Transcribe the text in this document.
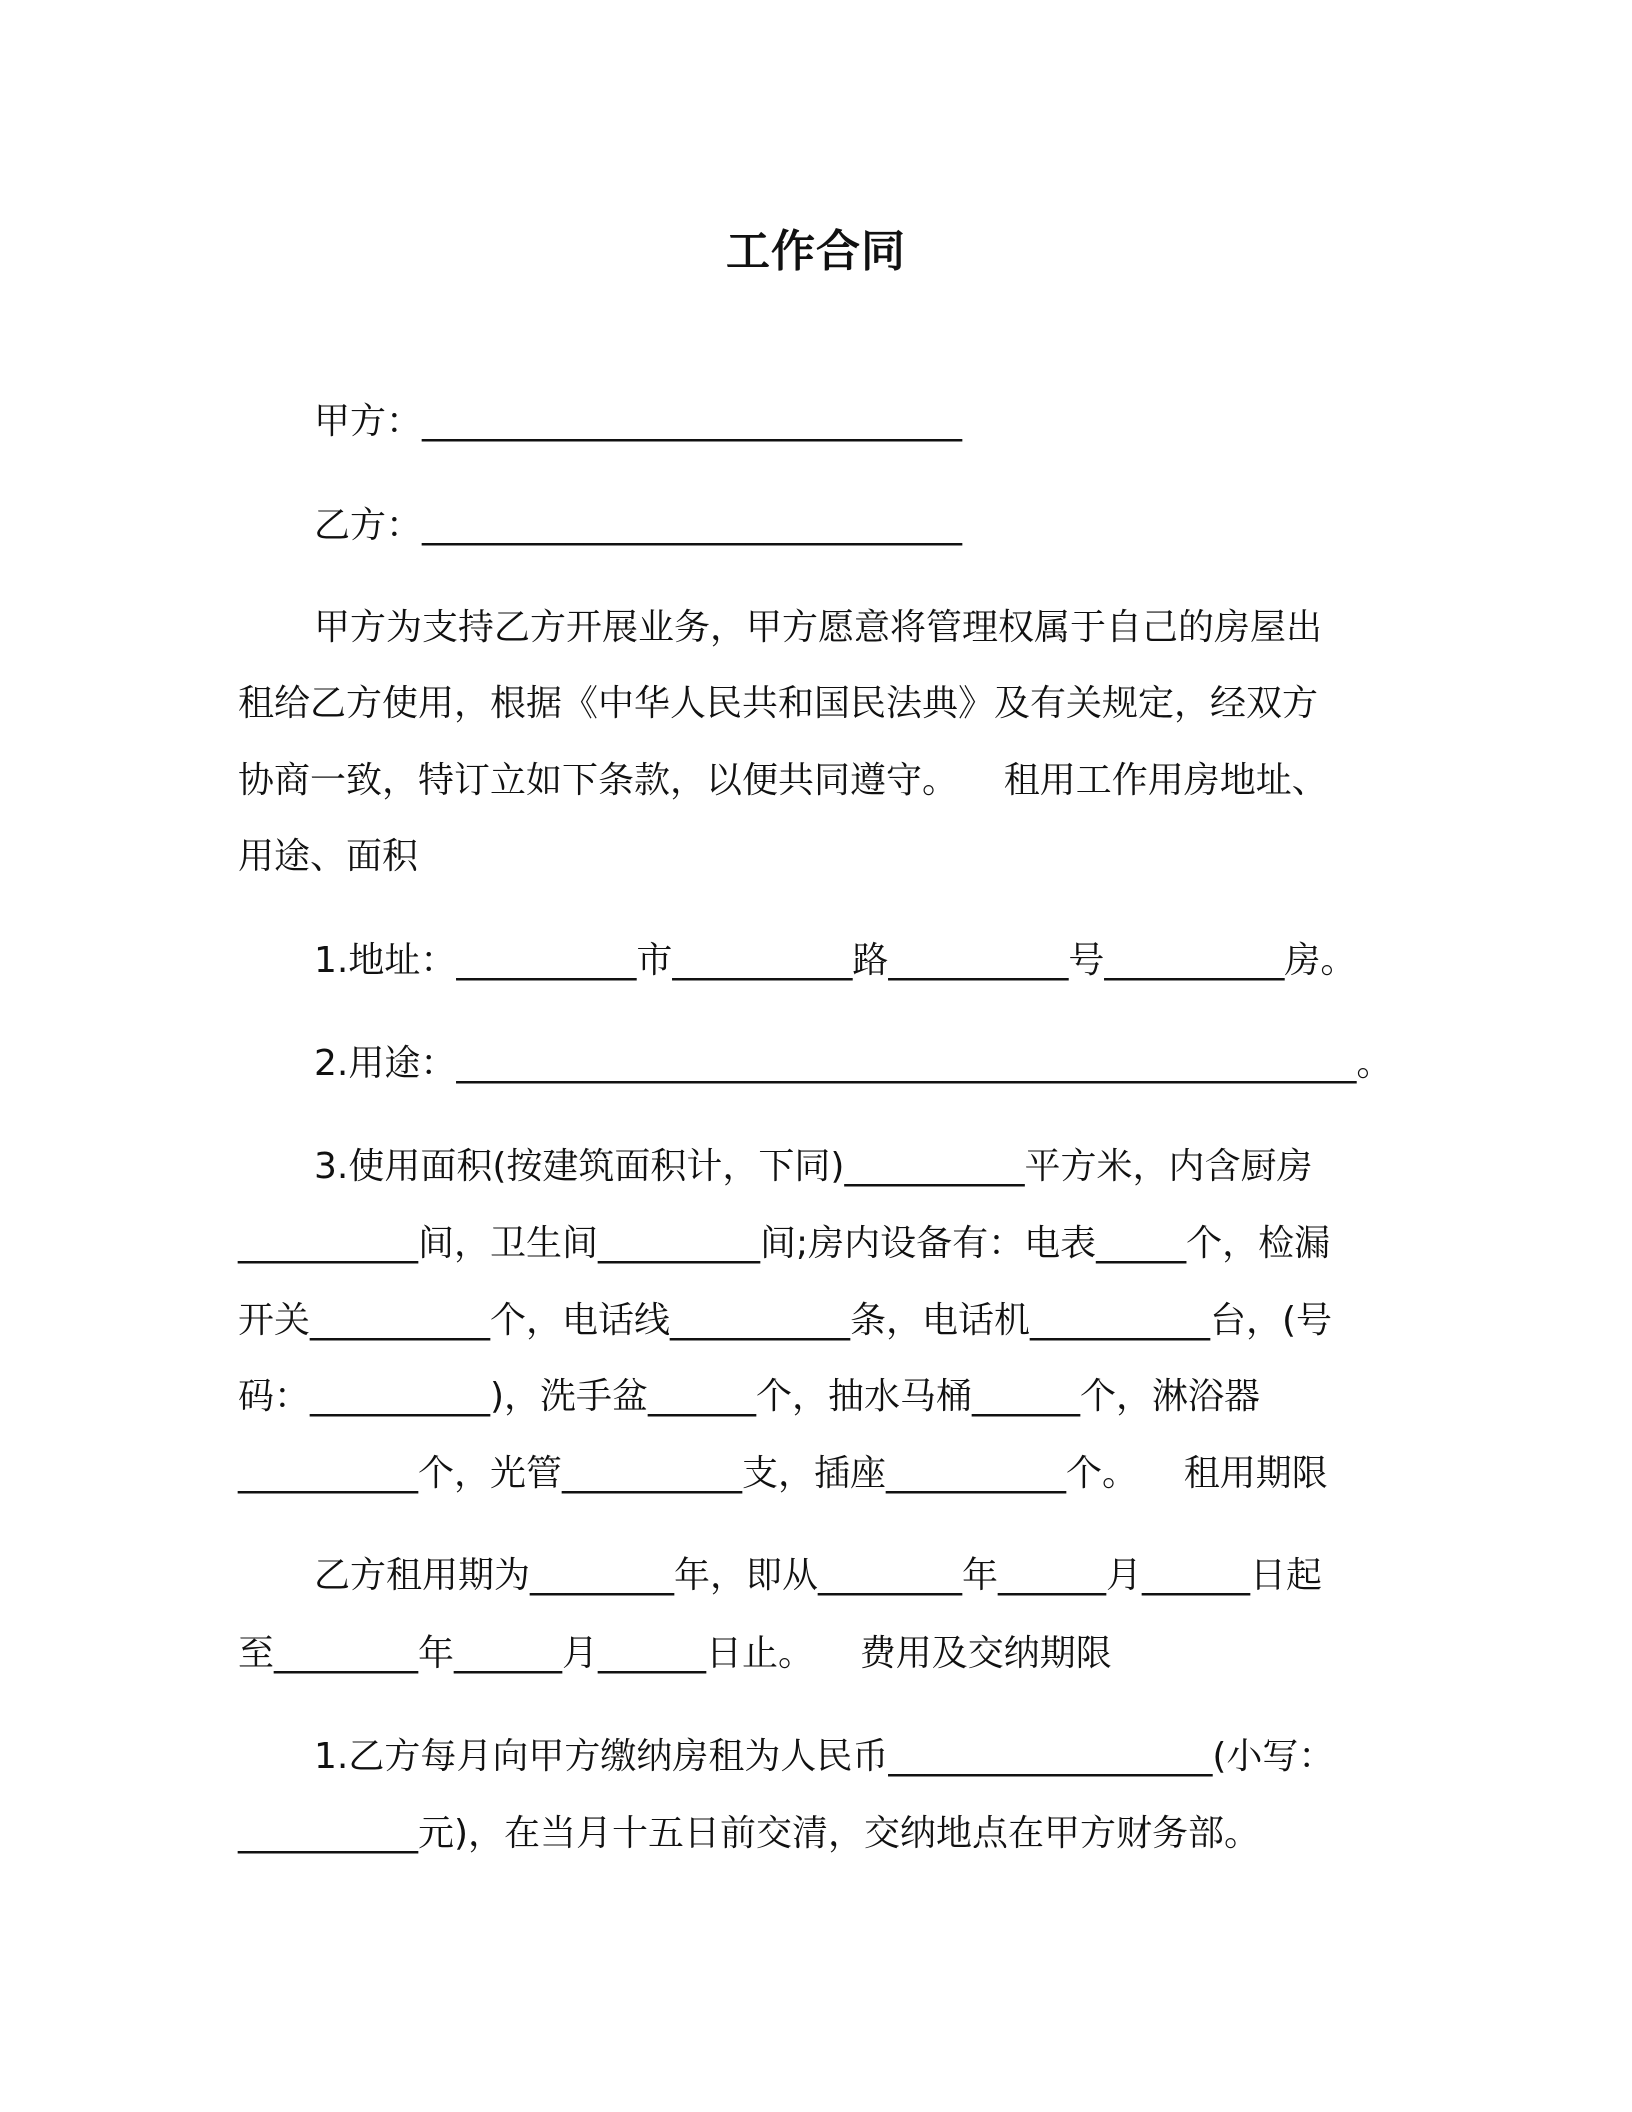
工作合同
甲方：______________________________
乙方：______________________________
甲方为支持乙方开展业务，甲方愿意将管理权属于自己的房屋出
租给乙方使用，根据《中华人民共和国民法典》及有关规定，经双方
协商一致，特订立如下条款，以便共同遵守。    租用工作用房地址、
用途、面积
1.地址：__________市__________路__________号__________房。
2.用途：__________________________________________________。
3.使用面积(按建筑面积计，下同)__________平方米，内含厨房
__________间，卫生间_________间;房内设备有：电表_____个，检漏
开关__________个，电话线__________条，电话机__________台，(号
码：__________)，洗手盆______个，抽水马桶______个，淋浴器
__________个，光管__________支，插座__________个。    租用期限
乙方租用期为________年，即从________年______月______日起
至________年______月______日止。    费用及交纳期限
1.乙方每月向甲方缴纳房租为人民币__________________(小写：
__________元)，在当月十五日前交清，交纳地点在甲方财务部。
